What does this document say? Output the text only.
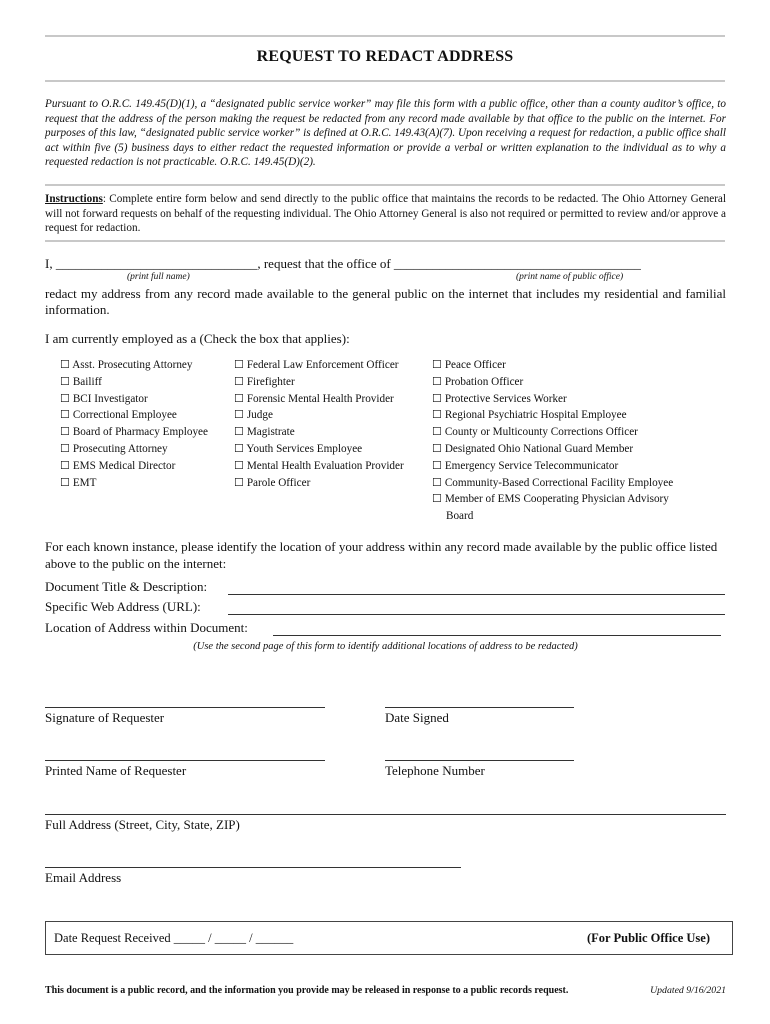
REQUEST TO REDACT ADDRESS
Pursuant to O.R.C. 149.45(D)(1), a “designated public service worker” may file this form with a public office, other than a county auditor’s office, to request that the address of the person making the request be redacted from any record made available by that office to the public on the internet. For purposes of this law, “designated public service worker” is defined at O.R.C. 149.43(A)(7). Upon receiving a request for redaction, a public office shall act within five (5) business days to either redact the requested information or provide a verbal or written explanation to the individual as to why a requested redaction is not practicable. O.R.C. 149.45(D)(2).
Instructions: Complete entire form below and send directly to the public office that maintains the records to be redacted. The Ohio Attorney General will not forward requests on behalf of the requesting individual. The Ohio Attorney General is also not required or permitted to review and/or approve a request for redaction.
I, _______________________________, request that the office of ______________________________________
(print full name)	(print name of public office)
redact my address from any record made available to the general public on the internet that includes my residential and familial information.
I am currently employed as a (Check the box that applies):
☐ Asst. Prosecuting Attorney
☐ Bailiff
☐ BCI Investigator
☐ Correctional Employee
☐ Board of Pharmacy Employee
☐ Prosecuting Attorney
☐ EMS Medical Director
☐ EMT
☐ Federal Law Enforcement Officer
☐ Firefighter
☐ Forensic Mental Health Provider
☐ Judge
☐ Magistrate
☐ Youth Services Employee
☐ Mental Health Evaluation Provider
☐ Parole Officer
☐ Peace Officer
☐ Probation Officer
☐ Protective Services Worker
☐ Regional Psychiatric Hospital Employee
☐ County or Multicounty Corrections Officer
☐ Designated Ohio National Guard Member
☐ Emergency Service Telecommunicator
☐ Community-Based Correctional Facility Employee
☐ Member of EMS Cooperating Physician Advisory
Board
For each known instance, please identify the location of your address within any record made available by the public office listed above to the public on the internet:
Document Title & Description:
Specific Web Address (URL):
Location of Address within Document:
(Use the second page of this form to identify additional locations of address to be redacted)
Signature of Requester	Date Signed
Printed Name of Requester	Telephone Number
Full Address (Street, City, State, ZIP)
Email Address
Date Request Received _____ / _____ / ______	(For Public Office Use)
This document is a public record, and the information you provide may be released in response to a public records request.	Updated 9/16/2021
